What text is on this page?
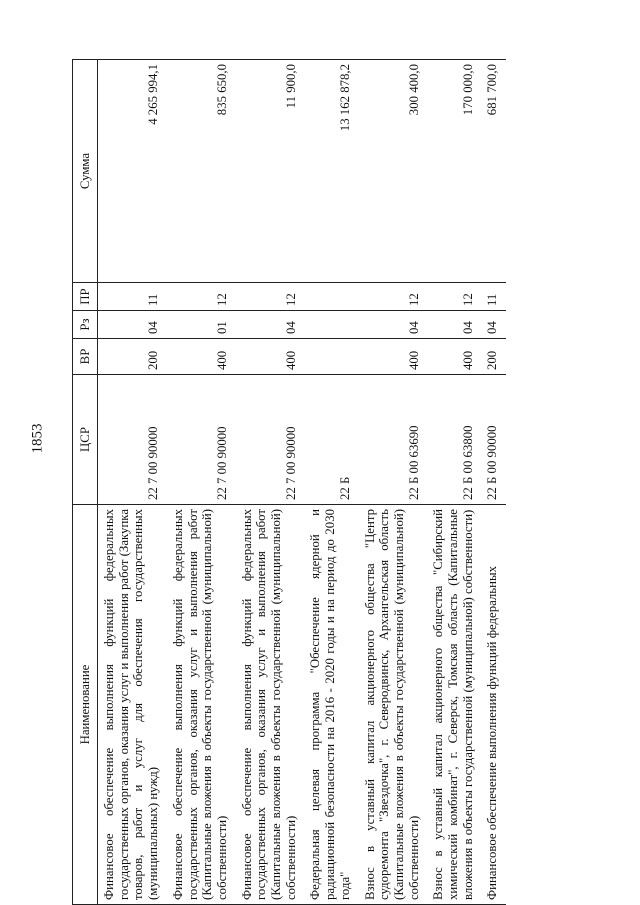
1853
Наименование	ЦСР	ВР	Рз	ПР	Сумма
Финансовое обеспечение выполнения функций федеральных государственных органов, оказания услуг и выполнения работ (Закупка товаров, работ и услуг для обеспечения государственных (муниципальных) нужд)	22 7 00 90000	200	04	11	4 265 994,1
Финансовое обеспечение выполнения функций федеральных государственных органов, оказания услуг и выполнения работ (Капитальные вложения в объекты государственной (муниципальной) собственности)	22 7 00 90000	400	01	12	835 650,0
Финансовое обеспечение выполнения функций федеральных государственных органов, оказания услуг и выполнения работ (Капитальные вложения в объекты государственной (муниципальной) собственности)	22 7 00 90000	400	04	12	11 900,0
Федеральная целевая программа "Обеспечение ядерной и радиационной безопасности на 2016 - 2020 годы и на период до 2030 года"	22 Б				13 162 878,2
Взнос в уставный капитал акционерного общества "Центр судоремонта "Звездочка", г. Северодвинск, Архангельская область (Капитальные вложения в объекты государственной (муниципальной) собственности)	22 Б 00 63690	400	04	12	300 400,0
Взнос в уставный капитал акционерного общества "Сибирский химический комбинат", г. Северск, Томская область (Капитальные вложения в объекты государственной (муниципальной) собственности)	22 Б 00 63800	400	04	12	170 000,0
Финансовое обеспечение выполнения функций федеральных	22 Б 00 90000	200	04	11	681 700,0
